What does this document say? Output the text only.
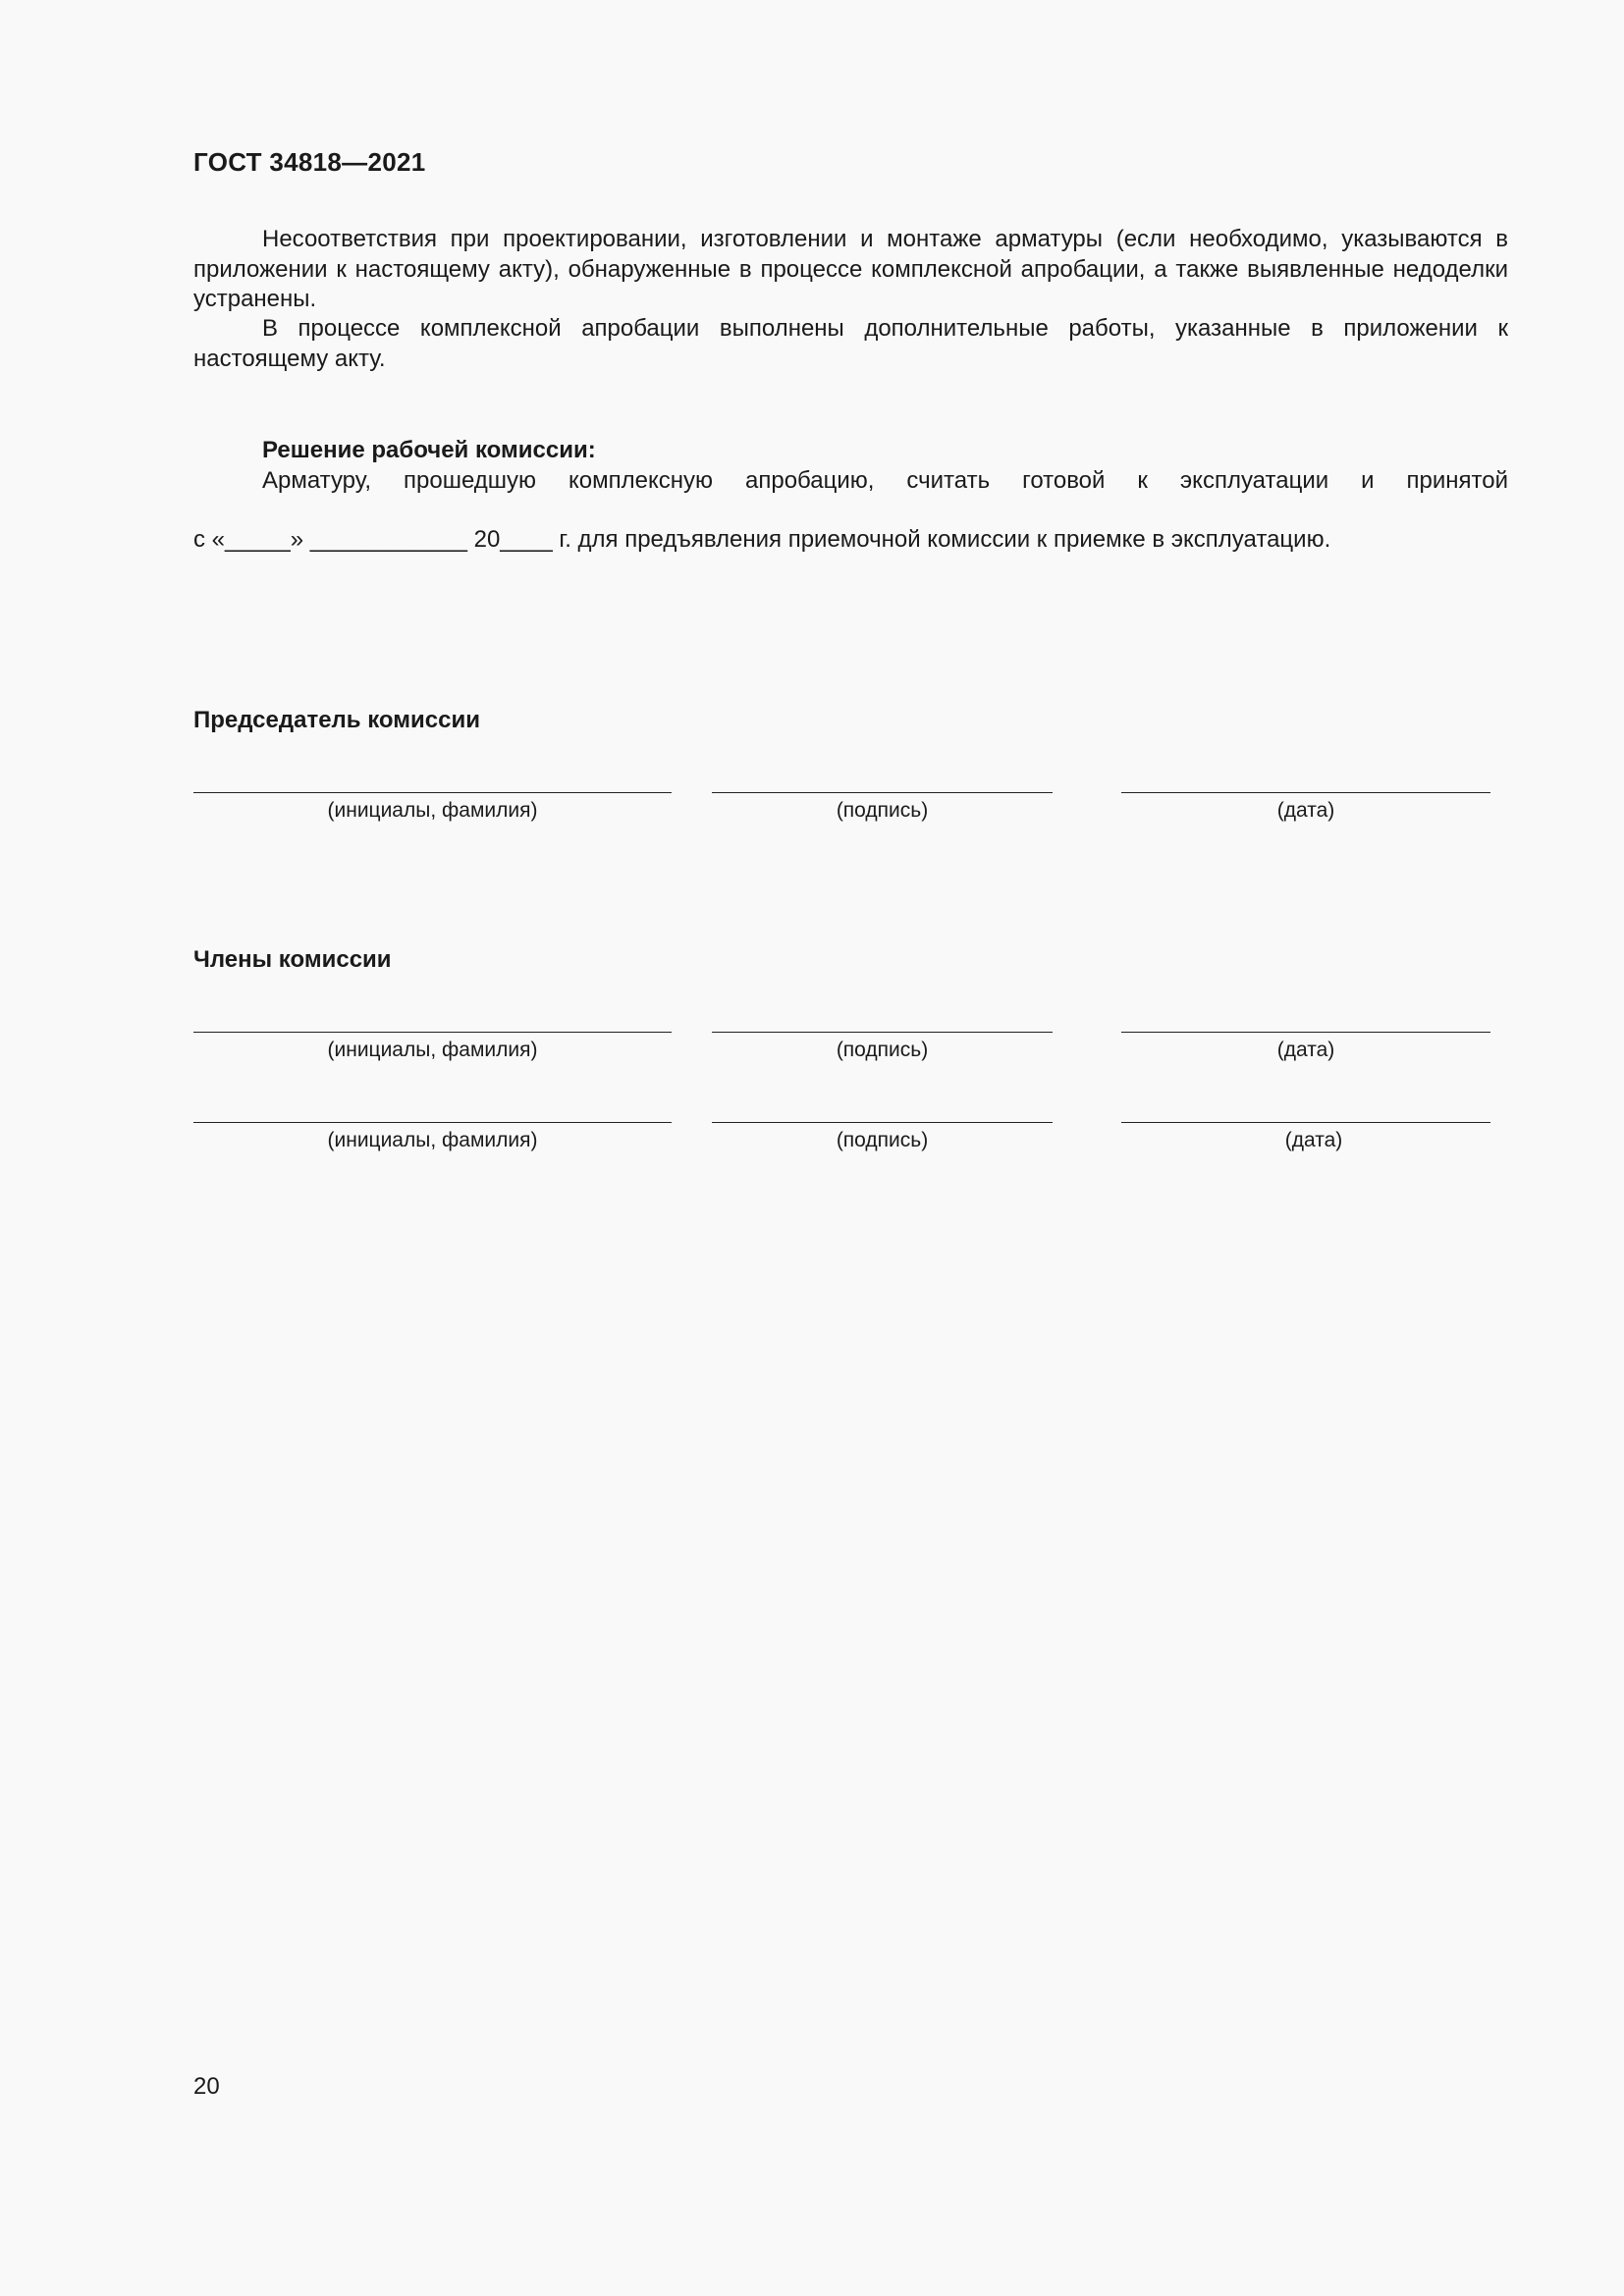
ГОСТ 34818—2021
Несоответствия при проектировании, изготовлении и монтаже арматуры (если необходимо, указываются в приложении к настоящему акту), обнаруженные в процессе комплексной апробации, а также выявленные недоделки устранены.
В процессе комплексной апробации выполнены дополнительные работы, указанные в приложении к настоящему акту.
Решение рабочей комиссии:
Арматуру, прошедшую комплексную апробацию, считать готовой к эксплуатации и принятой
с «_____» ____________ 20____ г. для предъявления приемочной комиссии к приемке в эксплуатацию.
Председатель комиссии
(инициалы, фамилия)	(подпись)	(дата)
Члены комиссии
(инициалы, фамилия)	(подпись)	(дата)
(инициалы, фамилия)	(подпись)	(дата)
20
